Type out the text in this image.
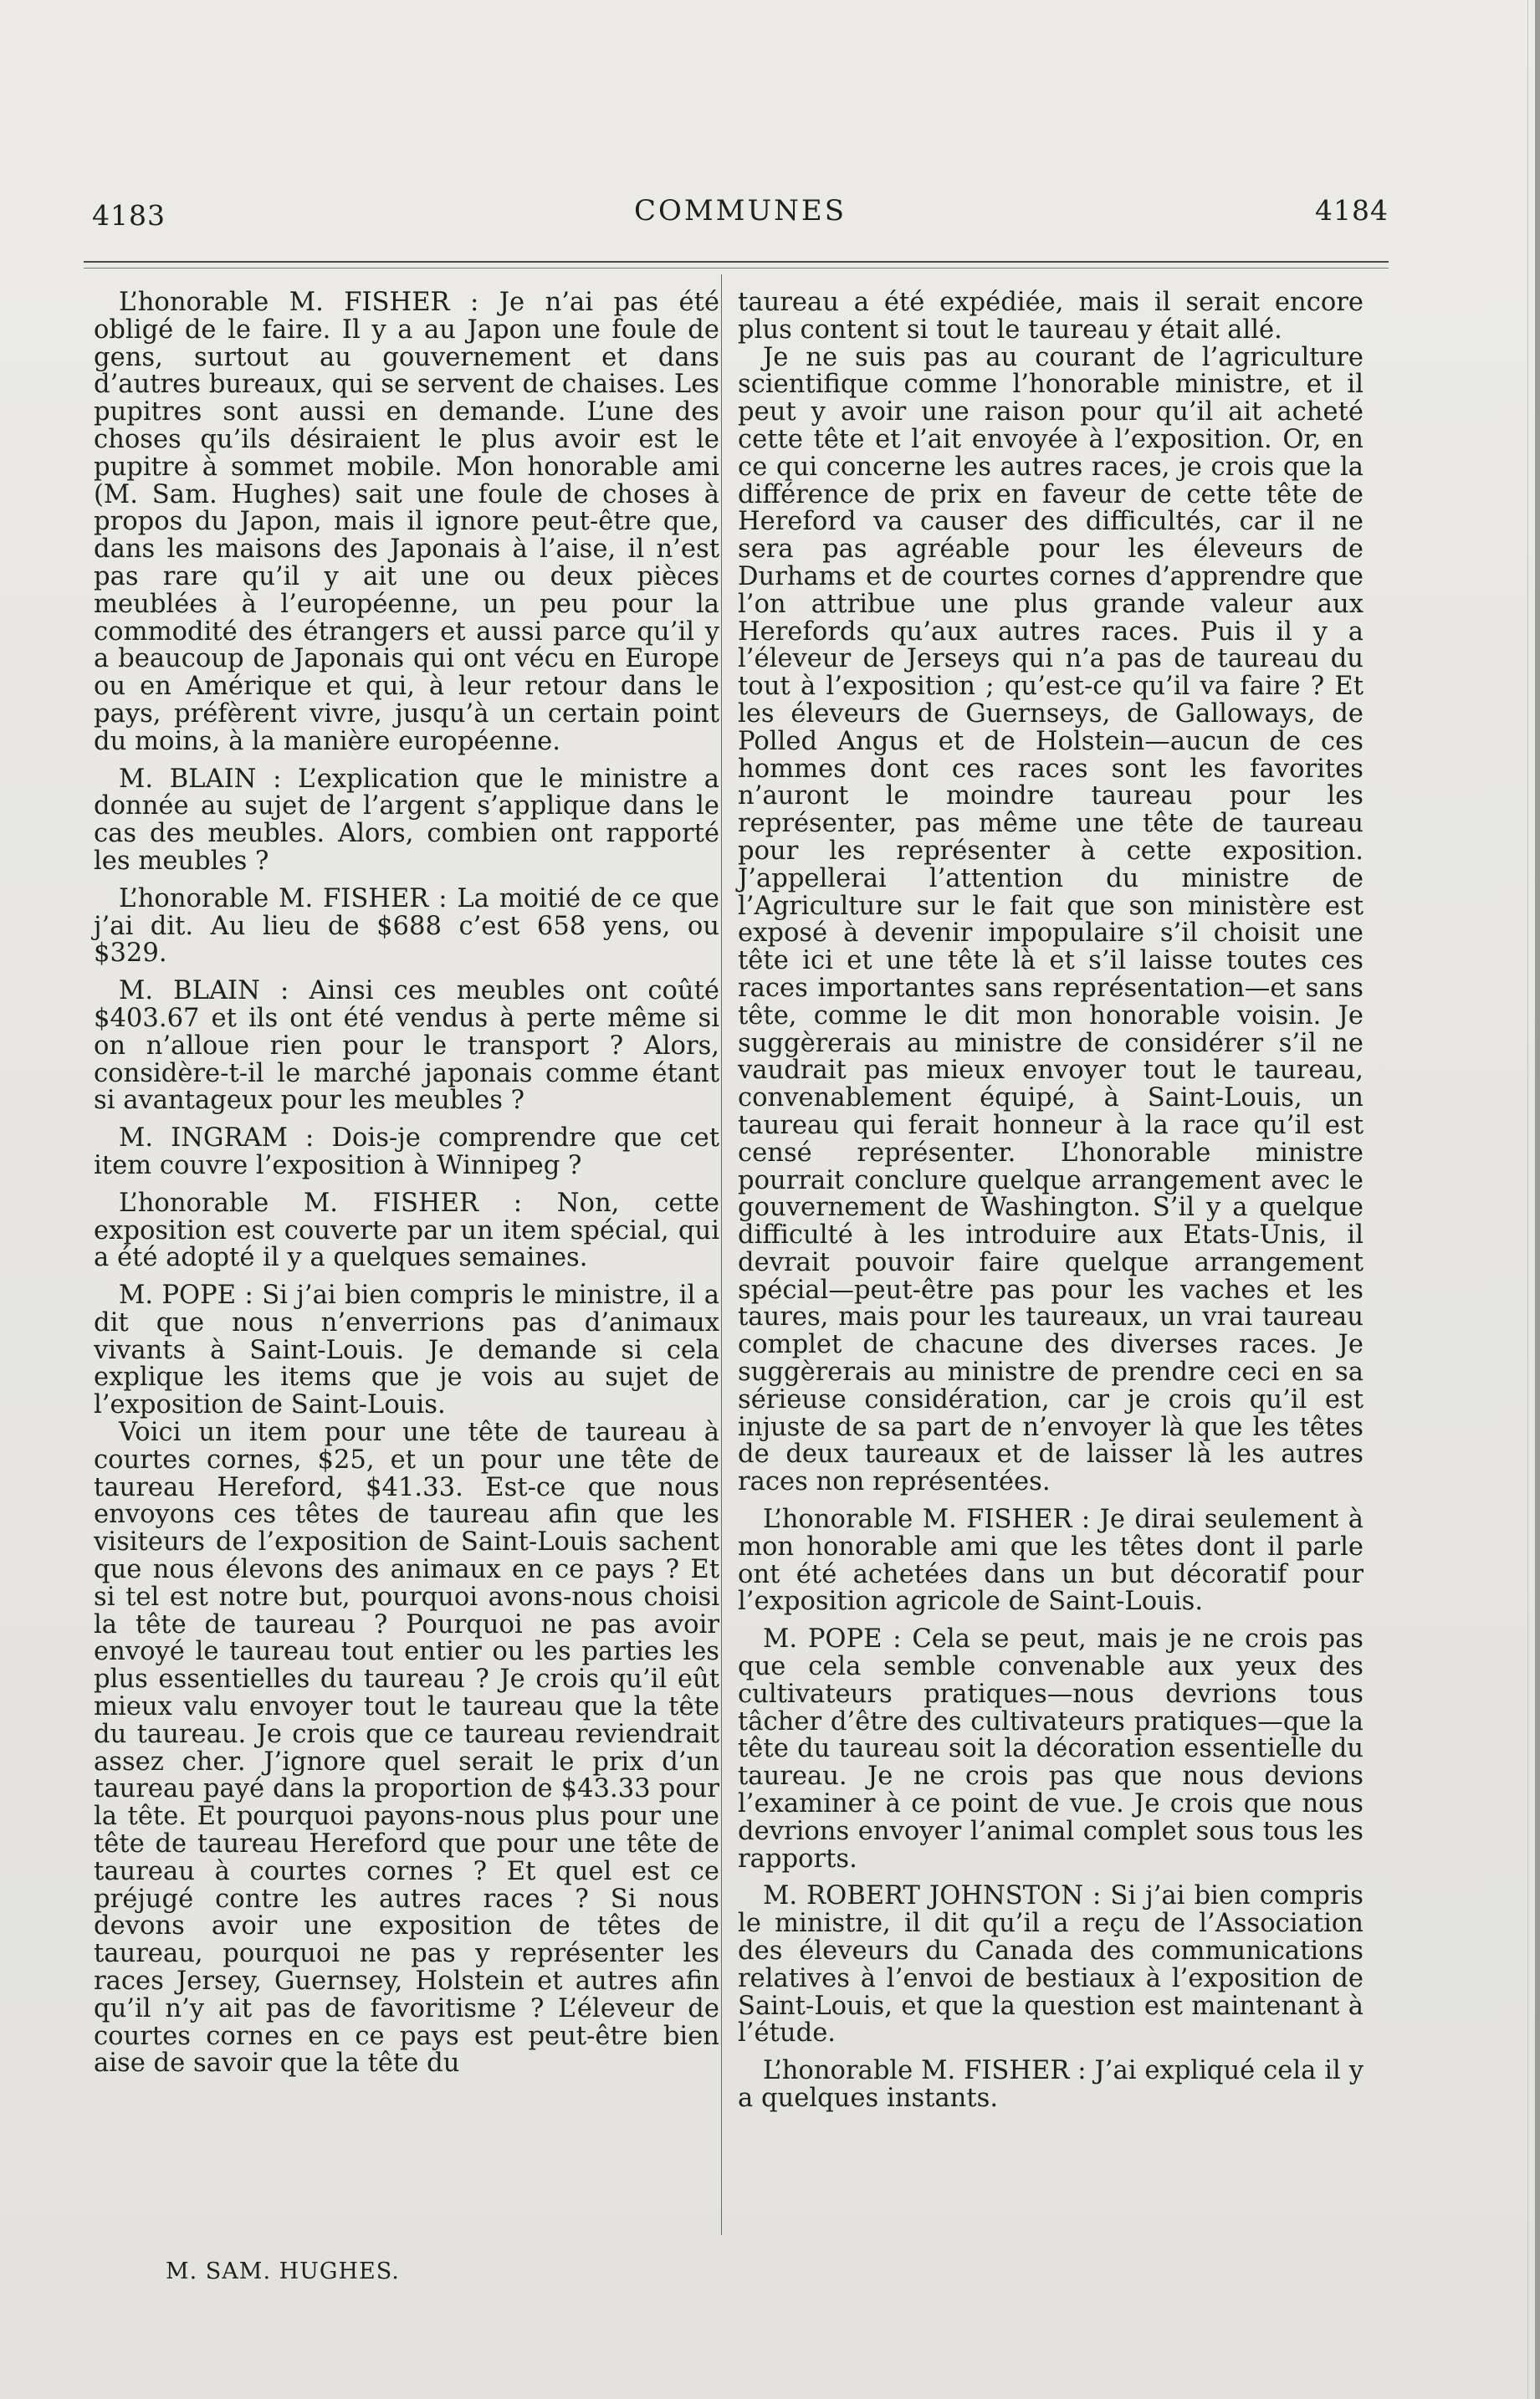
4183	COMMUNES	4184

L’honorable M. FISHER : Je n’ai pas été obligé de le faire. Il y a au Japon une foule de gens, surtout au gouvernement et dans d’autres bureaux, qui se servent de chaises. Les pupitres sont aussi en demande. L’une des choses qu’ils désiraient le plus avoir est le pupitre à sommet mobile. Mon honorable ami (M. Sam. Hughes) sait une foule de choses à propos du Japon, mais il ignore peut-être que, dans les maisons des Japonais à l’aise, il n’est pas rare qu’il y ait une ou deux pièces meublées à l’européenne, un peu pour la commodité des étrangers et aussi parce qu’il y a beaucoup de Japonais qui ont vécu en Europe ou en Amérique et qui, à leur retour dans le pays, préfèrent vivre, jusqu’à un certain point du moins, à la manière européenne.

M. BLAIN : L’explication que le ministre a donnée au sujet de l’argent s’applique dans le cas des meubles. Alors, combien ont rapporté les meubles ?

L’honorable M. FISHER : La moitié de ce que j’ai dit. Au lieu de $688 c’est 658 yens, ou $329.

M. BLAIN : Ainsi ces meubles ont coûté $403.67 et ils ont été vendus à perte même si on n’alloue rien pour le transport ? Alors, considère-t-il le marché japonais comme étant si avantageux pour les meubles ?

M. INGRAM : Dois-je comprendre que cet item couvre l’exposition à Winnipeg ?

L’honorable M. FISHER : Non, cette exposition est couverte par un item spécial, qui a été adopté il y a quelques semaines.

M. POPE : Si j’ai bien compris le ministre, il a dit que nous n’enverrions pas d’animaux vivants à Saint-Louis. Je demande si cela explique les items que je vois au sujet de l’exposition de Saint-Louis.

Voici un item pour une tête de taureau à courtes cornes, $25, et un pour une tête de taureau Hereford, $41.33. Est-ce que nous envoyons ces têtes de taureau afin que les visiteurs de l’exposition de Saint-Louis sachent que nous élevons des animaux en ce pays ? Et si tel est notre but, pourquoi avons-nous choisi la tête de taureau ? Pourquoi ne pas avoir envoyé le taureau tout entier ou les parties les plus essentielles du taureau ? Je crois qu’il eût mieux valu envoyer tout le taureau que la tête du taureau. Je crois que ce taureau reviendrait assez cher. J’ignore quel serait le prix d’un taureau payé dans la proportion de $43.33 pour la tête. Et pourquoi payons-nous plus pour une tête de taureau Hereford que pour une tête de taureau à courtes cornes ? Et quel est ce préjugé contre les autres races ? Si nous devons avoir une exposition de têtes de taureau, pourquoi ne pas y représenter les races Jersey, Guernsey, Holstein et autres afin qu’il n’y ait pas de favoritisme ? L’éleveur de courtes cornes en ce pays est peut-être bien aise de savoir que la tête du

taureau a été expédiée, mais il serait encore plus content si tout le taureau y était allé.

Je ne suis pas au courant de l’agriculture scientifique comme l’honorable ministre, et il peut y avoir une raison pour qu’il ait acheté cette tête et l’ait envoyée à l’exposition. Or, en ce qui concerne les autres races, je crois que la différence de prix en faveur de cette tête de Hereford va causer des difficultés, car il ne sera pas agréable pour les éleveurs de Durhams et de courtes cornes d’apprendre que l’on attribue une plus grande valeur aux Herefords qu’aux autres races. Puis il y a l’éleveur de Jerseys qui n’a pas de taureau du tout à l’exposition ; qu’est-ce qu’il va faire ? Et les éleveurs de Guernseys, de Galloways, de Polled Angus et de Holstein—aucun de ces hommes dont ces races sont les favorites n’auront le moindre taureau pour les représenter, pas même une tête de taureau pour les représenter à cette exposition. J’appellerai l’attention du ministre de l’Agriculture sur le fait que son ministère est exposé à devenir impopulaire s’il choisit une tête ici et une tête là et s’il laisse toutes ces races importantes sans représentation—et sans tête, comme le dit mon honorable voisin. Je suggèrerais au ministre de considérer s’il ne vaudrait pas mieux envoyer tout le taureau, convenablement équipé, à Saint-Louis, un taureau qui ferait honneur à la race qu’il est censé représenter. L’honorable ministre pourrait conclure quelque arrangement avec le gouvernement de Washington. S’il y a quelque difficulté à les introduire aux Etats-Unis, il devrait pouvoir faire quelque arrangement spécial—peut-être pas pour les vaches et les taures, mais pour les taureaux, un vrai taureau complet de chacune des diverses races. Je suggèrerais au ministre de prendre ceci en sa sérieuse considération, car je crois qu’il est injuste de sa part de n’envoyer là que les têtes de deux taureaux et de laisser là les autres races non représentées.

L’honorable M. FISHER : Je dirai seulement à mon honorable ami que les têtes dont il parle ont été achetées dans un but décoratif pour l’exposition agricole de Saint-Louis.

M. POPE : Cela se peut, mais je ne crois pas que cela semble convenable aux yeux des cultivateurs pratiques—nous devrions tous tâcher d’être des cultivateurs pratiques—que la tête du taureau soit la décoration essentielle du taureau. Je ne crois pas que nous devions l’examiner à ce point de vue. Je crois que nous devrions envoyer l’animal complet sous tous les rapports.

M. ROBERT JOHNSTON : Si j’ai bien compris le ministre, il dit qu’il a reçu de l’Association des éleveurs du Canada des communications relatives à l’envoi de bestiaux à l’exposition de Saint-Louis, et que la question est maintenant à l’étude.

L’honorable M. FISHER : J’ai expliqué cela il y a quelques instants.

M. SAM. HUGHES.
